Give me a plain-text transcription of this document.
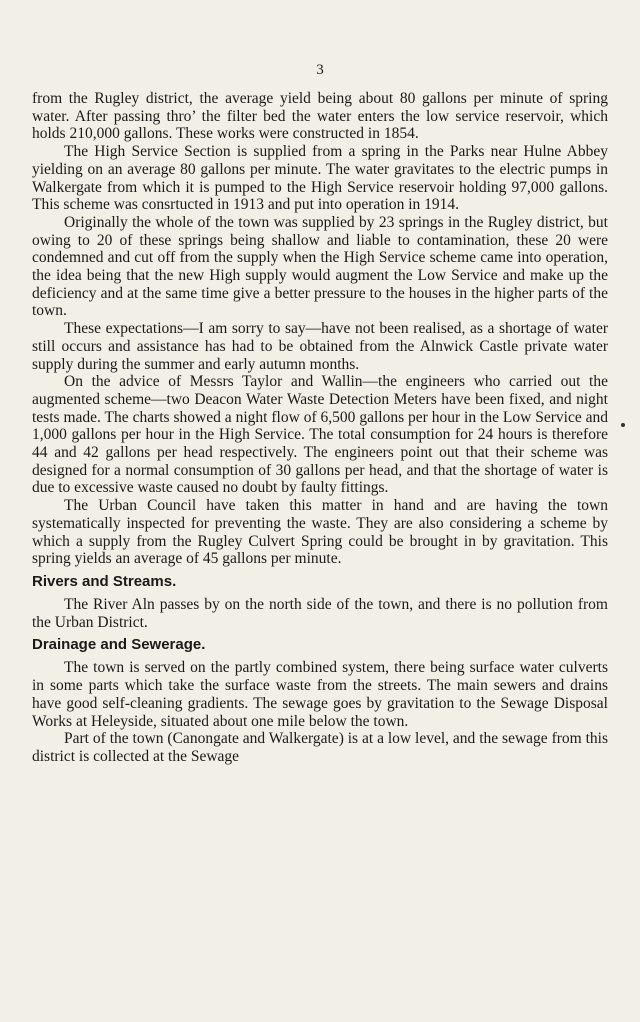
3

from the Rugley district, the average yield being about 80 gallons per minute of spring water. After passing thro’ the filter bed the water enters the low service reservoir, which holds 210,000 gallons. These works were constructed in 1854.

The High Service Section is supplied from a spring in the Parks near Hulne Abbey yielding on an average 80 gallons per minute. The water gravitates to the electric pumps in Walkergate from which it is pumped to the High Service reservoir holding 97,000 gallons. This scheme was consrtucted in 1913 and put into operation in 1914.

Originally the whole of the town was supplied by 23 springs in the Rugley district, but owing to 20 of these springs being shallow and liable to contamination, these 20 were condemned and cut off from the supply when the High Service scheme came into operation, the idea being that the new High supply would augment the Low Service and make up the deficiency and at the same time give a better pressure to the houses in the higher parts of the town.

These expectations—I am sorry to say—have not been realised, as a shortage of water still occurs and assistance has had to be obtained from the Alnwick Castle private water supply during the summer and early autumn months.

On the advice of Messrs Taylor and Wallin—the engineers who carried out the augmented scheme—two Deacon Water Waste Detection Meters have been fixed, and night tests made. The charts showed a night flow of 6,500 gallons per hour in the Low Service and 1,000 gallons per hour in the High Service. The total consumption for 24 hours is therefore 44 and 42 gallons per head respectively. The engineers point out that their scheme was designed for a normal consumption of 30 gallons per head, and that the shortage of water is due to excessive waste caused no doubt by faulty fittings.

The Urban Council have taken this matter in hand and are having the town systematically inspected for preventing the waste. They are also considering a scheme by which a supply from the Rugley Culvert Spring could be brought in by gravitation. This spring yields an average of 45 gallons per minute.

Rivers and Streams.

The River Aln passes by on the north side of the town, and there is no pollution from the Urban District.

Drainage and Sewerage.

The town is served on the partly combined system, there being surface water culverts in some parts which take the surface waste from the streets. The main sewers and drains have good self-cleaning gradients. The sewage goes by gravitation to the Sewage Disposal Works at Heleyside, situated about one mile below the town.

Part of the town (Canongate and Walkergate) is at a low level, and the sewage from this district is collected at the Sewage
